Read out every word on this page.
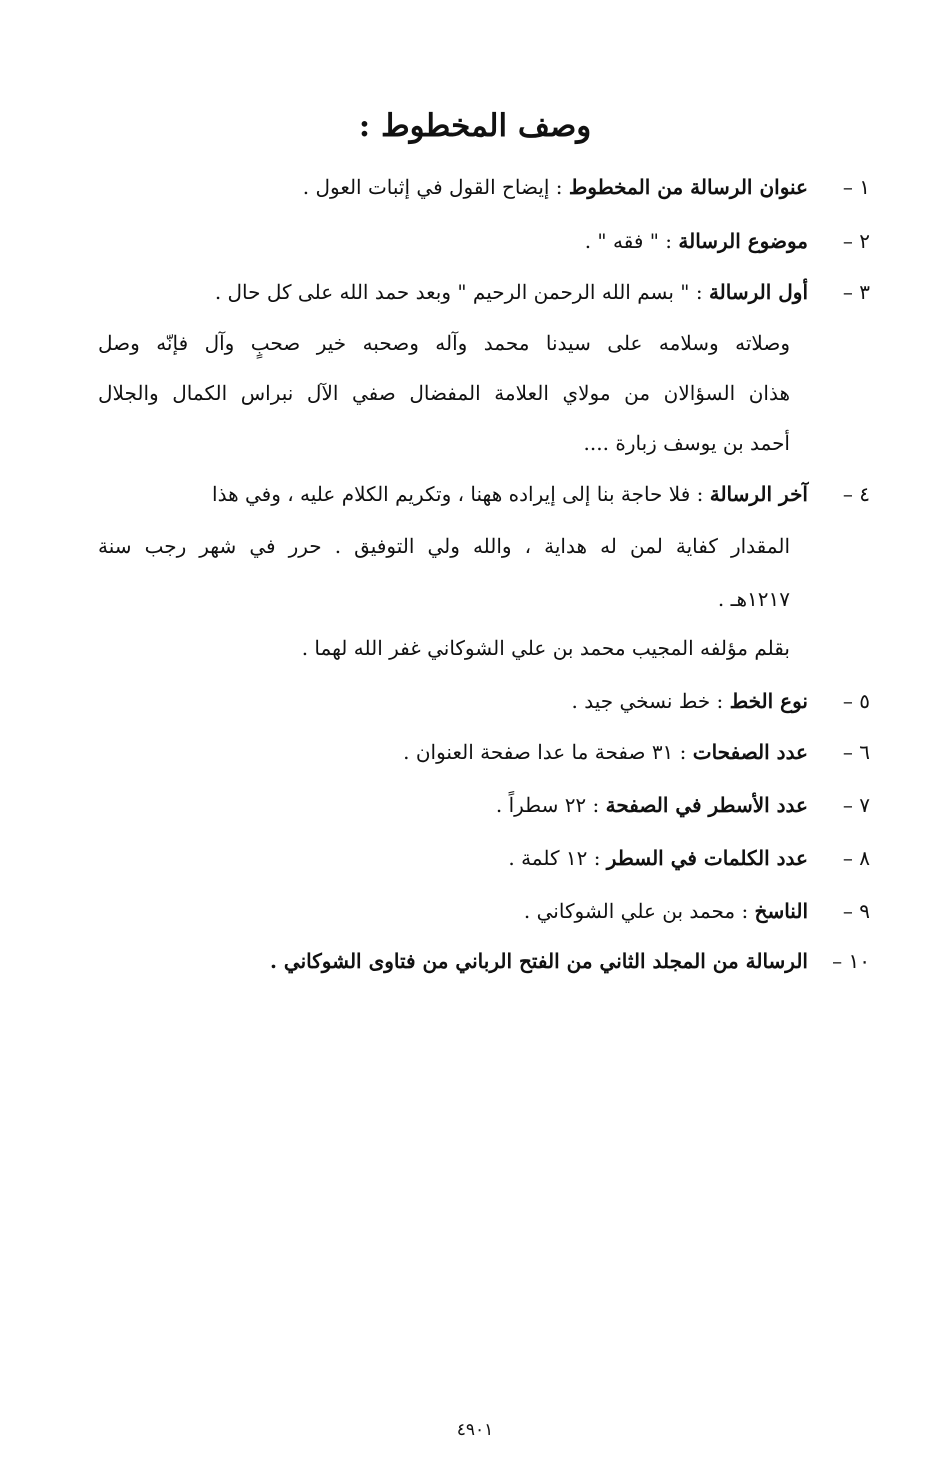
وصف المخطوط :
١ –عنوان الرسالة من المخطوط : إيضاح القول في إثبات العول .
٢ –موضوع الرسالة : " فقه " .
٣ –أول الرسالة : " بسم الله الرحمن الرحيم " وبعد حمد الله على كل حال .
وصلاته وسلامه على سيدنا محمد وآله وصحبه خير صحبٍ وآل فإنّه وصل
هذان السؤالان من مولاي العلامة المفضال صفي الآل نبراس الكمال والجلال
أحمد بن يوسف زبارة ....
٤ –آخر الرسالة : فلا حاجة بنا إلى إيراده ههنا ، وتكريم الكلام عليه ، وفي هذا
المقدار كفاية لمن له هداية ، والله ولي التوفيق . حرر في شهر رجب سنة
١٢١٧هـ .
بقلم مؤلفه المجيب محمد بن علي الشوكاني غفر الله لهما .
٥ –نوع الخط : خط نسخي جيد .
٦ –عدد الصفحات : ٣١ صفحة ما عدا صفحة العنوان .
٧ –عدد الأسطر في الصفحة : ٢٢ سطراً .
٨ –عدد الكلمات في السطر : ١٢ كلمة .
٩ –الناسخ : محمد بن علي الشوكاني .
١٠ –الرسالة من المجلد الثاني من الفتح الرباني من فتاوى الشوكاني .
٤٩٠١
